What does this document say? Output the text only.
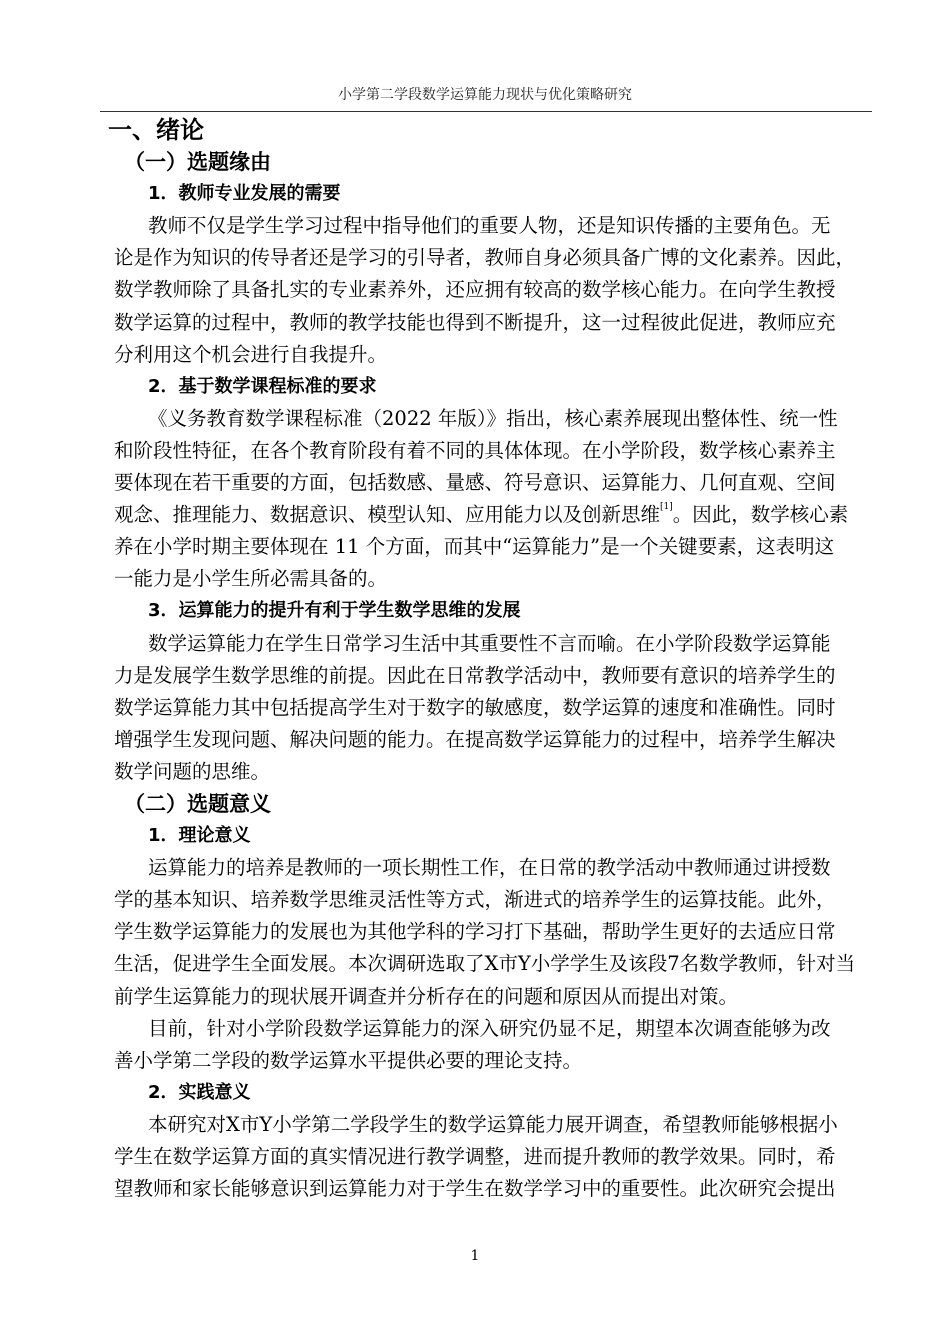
小学第二学段数学运算能力现状与优化策略研究
一、绪论
（一）选题缘由
1．教师专业发展的需要
教师不仅是学生学习过程中指导他们的重要人物，还是知识传播的主要角色。无
论是作为知识的传导者还是学习的引导者，教师自身必须具备广博的文化素养。因此，
数学教师除了具备扎实的专业素养外，还应拥有较高的数学核心能力。在向学生教授
数学运算的过程中，教师的教学技能也得到不断提升，这一过程彼此促进，教师应充
分利用这个机会进行自我提升。
2．基于数学课程标准的要求
《义务教育数学课程标准（2022 年版）》指出，核心素养展现出整体性、统一性
和阶段性特征，在各个教育阶段有着不同的具体体现。在小学阶段，数学核心素养主
要体现在若干重要的方面，包括数感、量感、符号意识、运算能力、几何直观、空间
观念、推理能力、数据意识、模型认知、应用能力以及创新思维[1]。因此，数学核心素
养在小学时期主要体现在 11 个方面，而其中“运算能力”是一个关键要素，这表明这
一能力是小学生所必需具备的。
3．运算能力的提升有利于学生数学思维的发展
数学运算能力在学生日常学习生活中其重要性不言而喻。在小学阶段数学运算能
力是发展学生数学思维的前提。因此在日常教学活动中，教师要有意识的培养学生的
数学运算能力其中包括提高学生对于数字的敏感度，数学运算的速度和准确性。同时
增强学生发现问题、解决问题的能力。在提高数学运算能力的过程中，培养学生解决
数学问题的思维。
（二）选题意义
1．理论意义
运算能力的培养是教师的一项长期性工作，在日常的教学活动中教师通过讲授数
学的基本知识、培养数学思维灵活性等方式，渐进式的培养学生的运算技能。此外，
学生数学运算能力的发展也为其他学科的学习打下基础，帮助学生更好的去适应日常
生活，促进学生全面发展。本次调研选取了X市Y小学学生及该段7名数学教师，针对当
前学生运算能力的现状展开调查并分析存在的问题和原因从而提出对策。
目前，针对小学阶段数学运算能力的深入研究仍显不足，期望本次调查能够为改
善小学第二学段的数学运算水平提供必要的理论支持。
2．实践意义
本研究对X市Y小学第二学段学生的数学运算能力展开调查，希望教师能够根据小
学生在数学运算方面的真实情况进行教学调整，进而提升教师的教学效果。同时，希
望教师和家长能够意识到运算能力对于学生在数学学习中的重要性。此次研究会提出
1
